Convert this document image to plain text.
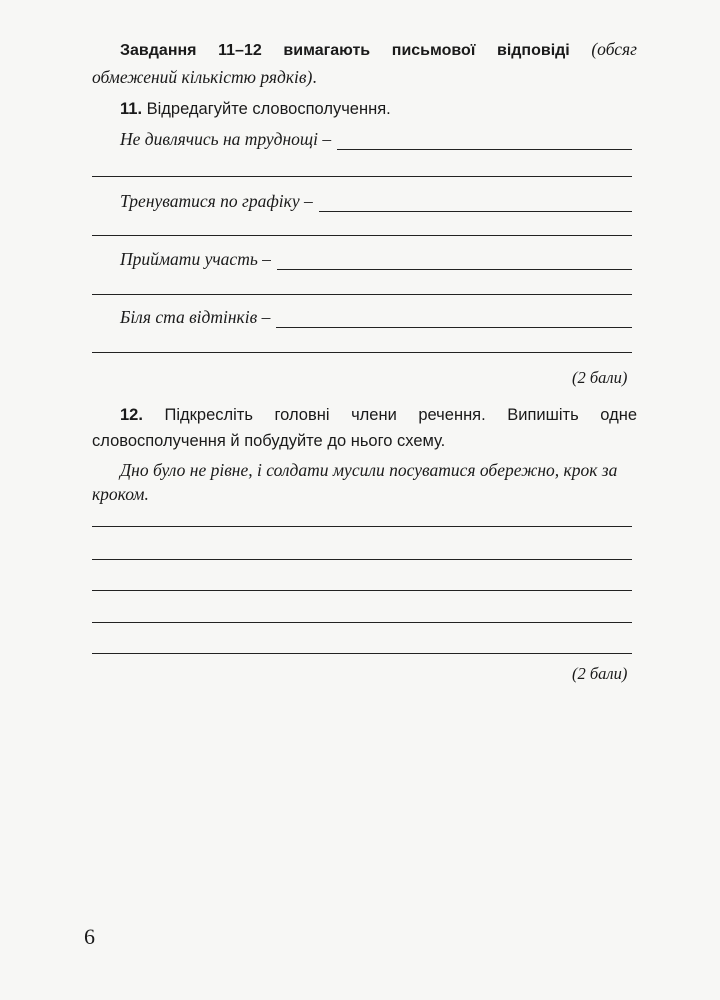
Завдання 11–12 вимагають письмової відповіді (обсяг обмежений кількістю рядків).
11. Відредагуйте словосполучення.
Не дивлячись на труднощі –
Тренуватися по графіку –
Приймати участь –
Біля ста відтінків –
(2 бали)
12. Підкресліть головні члени речення. Випишіть одне словосполучення й побудуйте до нього схему.
Дно було не рівне, і солдати мусили посуватися обережно, крок за кроком.
(2 бали)
6
